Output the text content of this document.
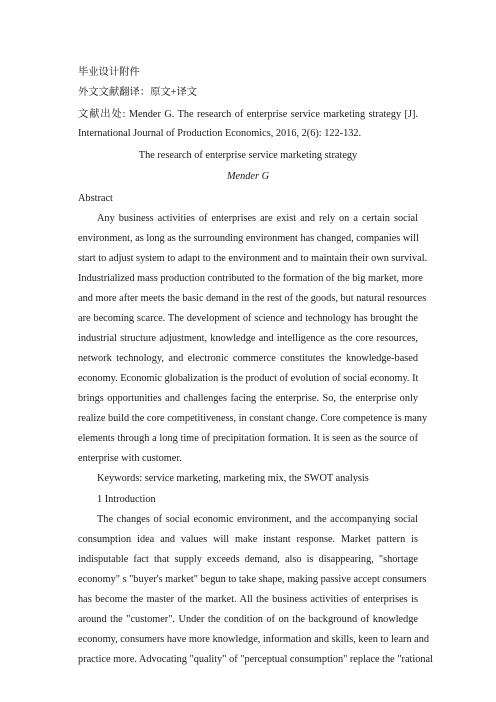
毕业设计附件
外文文献翻译：原文+译文
文献出处: Mender G. The research of enterprise service marketing strategy [J].
International Journal of Production Economics, 2016, 2(6): 122-132.
The research of enterprise service marketing strategy
Mender G
Abstract
Any business activities of enterprises are exist and rely on a certain social
environment, as long as the surrounding environment has changed, companies will
start to adjust system to adapt to the environment and to maintain their own survival.
Industrialized mass production contributed to the formation of the big market, more
and more after meets the basic demand in the rest of the goods, but natural resources
are becoming scarce. The development of science and technology has brought the
industrial structure adjustment, knowledge and intelligence as the core resources,
network technology, and electronic commerce constitutes the knowledge-based
economy. Economic globalization is the product of evolution of social economy. It
brings opportunities and challenges facing the enterprise. So, the enterprise only
realize build the core competitiveness, in constant change. Core competence is many
elements through a long time of precipitation formation. It is seen as the source of
enterprise with customer.
Keywords: service marketing, marketing mix, the SWOT analysis
1 Introduction
The changes of social economic environment, and the accompanying social
consumption idea and values will make instant response. Market pattern is
indisputable fact that supply exceeds demand, also is disappearing, "shortage
economy" s "buyer's market" begun to take shape, making passive accept consumers
has become the master of the market. All the business activities of enterprises is
around the "customer". Under the condition of on the background of knowledge
economy, consumers have more knowledge, information and skills, keen to learn and
practice more. Advocating "quality" of "perceptual consumption" replace the "rational
